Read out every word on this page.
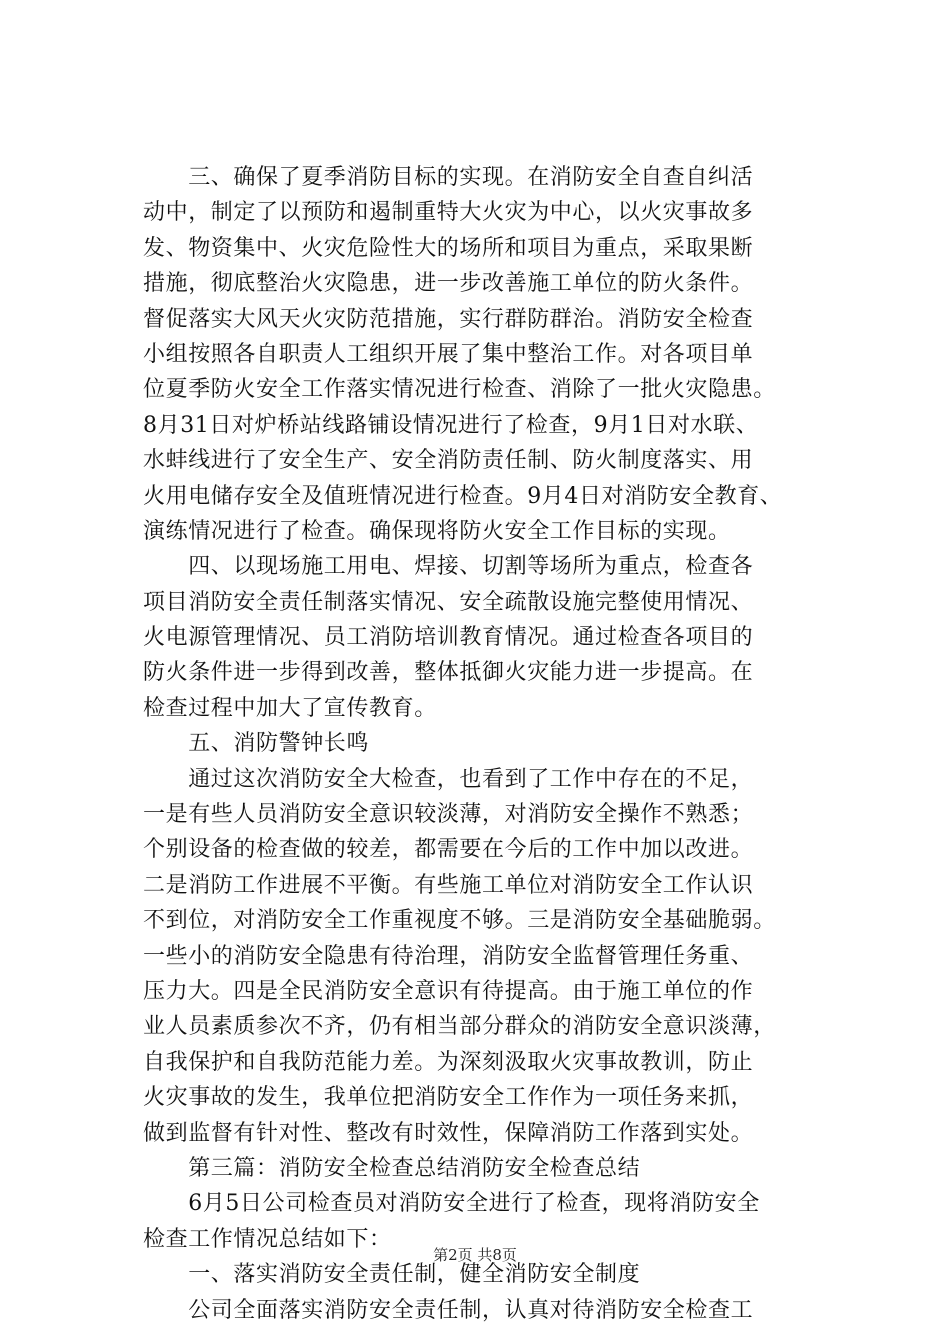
　　三、确保了夏季消防目标的实现。在消防安全自查自纠活
动中，制定了以预防和遏制重特大火灾为中心，以火灾事故多
发、物资集中、火灾危险性大的场所和项目为重点，采取果断
措施，彻底整治火灾隐患，进一步改善施工单位的防火条件。
督促落实大风天火灾防范措施，实行群防群治。消防安全检查
小组按照各自职责人工组织开展了集中整治工作。对各项目单
位夏季防火安全工作落实情况进行检查、消除了一批火灾隐患。
8月31日对炉桥站线路铺设情况进行了检查，9月1日对水联、
水蚌线进行了安全生产、安全消防责任制、防火制度落实、用
火用电储存安全及值班情况进行检查。9月4日对消防安全教育、
演练情况进行了检查。确保现将防火安全工作目标的实现。
　　四、以现场施工用电、焊接、切割等场所为重点，检查各
项目消防安全责任制落实情况、安全疏散设施完整使用情况、
火电源管理情况、员工消防培训教育情况。通过检查各项目的
防火条件进一步得到改善，整体抵御火灾能力进一步提高。在
检查过程中加大了宣传教育。
　　五、消防警钟长鸣
　　通过这次消防安全大检查，也看到了工作中存在的不足，
一是有些人员消防安全意识较淡薄，对消防安全操作不熟悉；
个别设备的检查做的较差，都需要在今后的工作中加以改进。
二是消防工作进展不平衡。有些施工单位对消防安全工作认识
不到位，对消防安全工作重视度不够。三是消防安全基础脆弱。
一些小的消防安全隐患有待治理，消防安全监督管理任务重、
压力大。四是全民消防安全意识有待提高。由于施工单位的作
业人员素质参次不齐，仍有相当部分群众的消防安全意识淡薄，
自我保护和自我防范能力差。为深刻汲取火灾事故教训，防止
火灾事故的发生，我单位把消防安全工作作为一项任务来抓，
做到监督有针对性、整改有时效性，保障消防工作落到实处。
　　第三篇：消防安全检查总结消防安全检查总结
　　6月5日公司检查员对消防安全进行了检查，现将消防安全
检查工作情况总结如下：
　　一、落实消防安全责任制，健全消防安全制度
　　公司全面落实消防安全责任制，认真对待消防安全检查工
第2页 共8页
